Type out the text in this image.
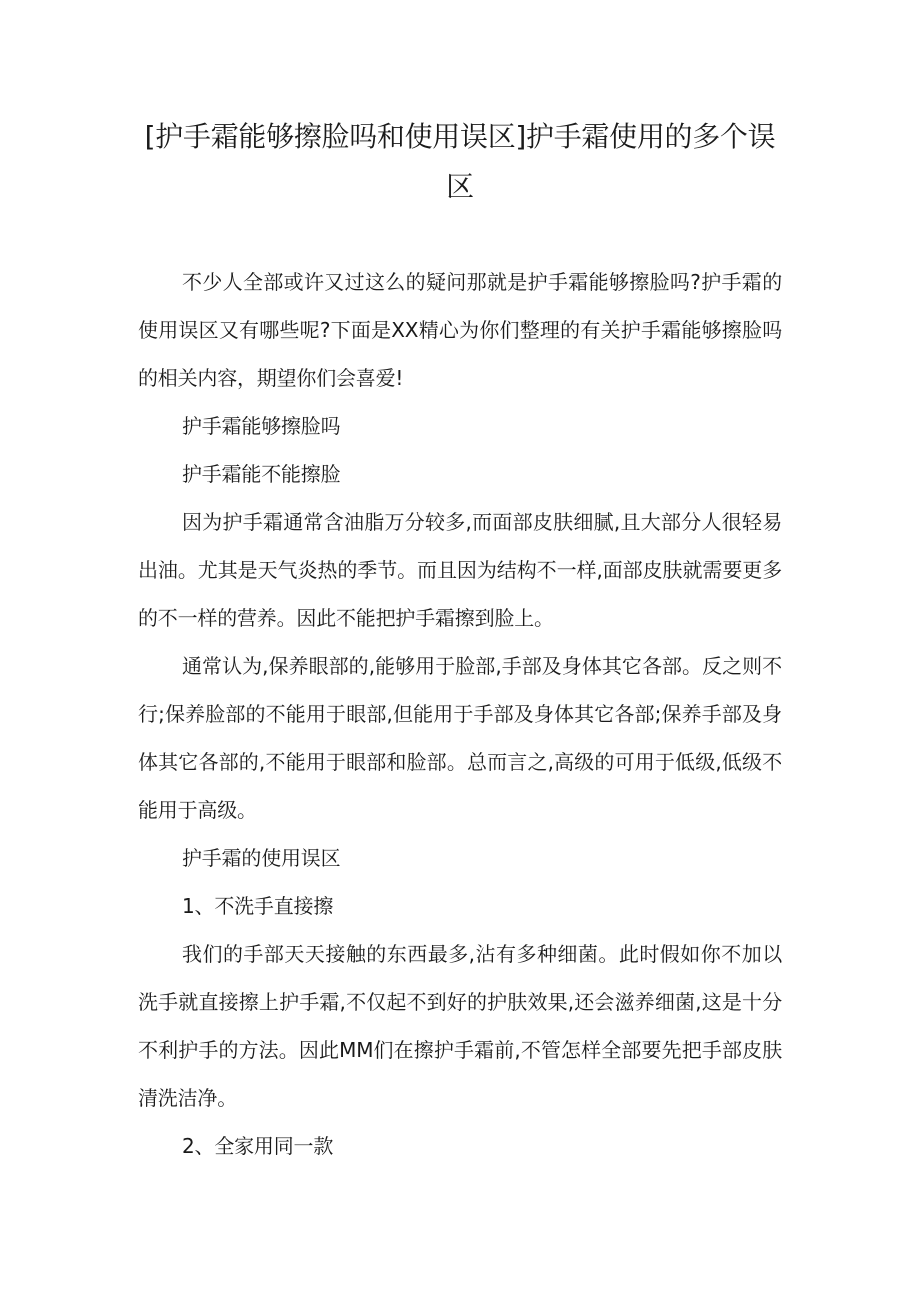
[护手霜能够擦脸吗和使用误区]护手霜使用的多个误区

不少人全部或许又过这么的疑问那就是护手霜能够擦脸吗?护手霜的使用误区又有哪些呢?下面是XX精心为你们整理的有关护手霜能够擦脸吗的相关内容，期望你们会喜爱!

护手霜能够擦脸吗

护手霜能不能擦脸

因为护手霜通常含油脂万分较多,而面部皮肤细腻,且大部分人很轻易出油。尤其是天气炎热的季节。而且因为结构不一样,面部皮肤就需要更多的不一样的营养。因此不能把护手霜擦到脸上。

通常认为,保养眼部的,能够用于脸部,手部及身体其它各部。反之则不行;保养脸部的不能用于眼部,但能用于手部及身体其它各部;保养手部及身体其它各部的,不能用于眼部和脸部。总而言之,高级的可用于低级,低级不能用于高级。

护手霜的使用误区

1、不洗手直接擦

我们的手部天天接触的东西最多,沾有多种细菌。此时假如你不加以洗手就直接擦上护手霜,不仅起不到好的护肤效果,还会滋养细菌,这是十分不利护手的方法。因此MM们在擦护手霜前,不管怎样全部要先把手部皮肤清洗洁净。

2、全家用同一款
